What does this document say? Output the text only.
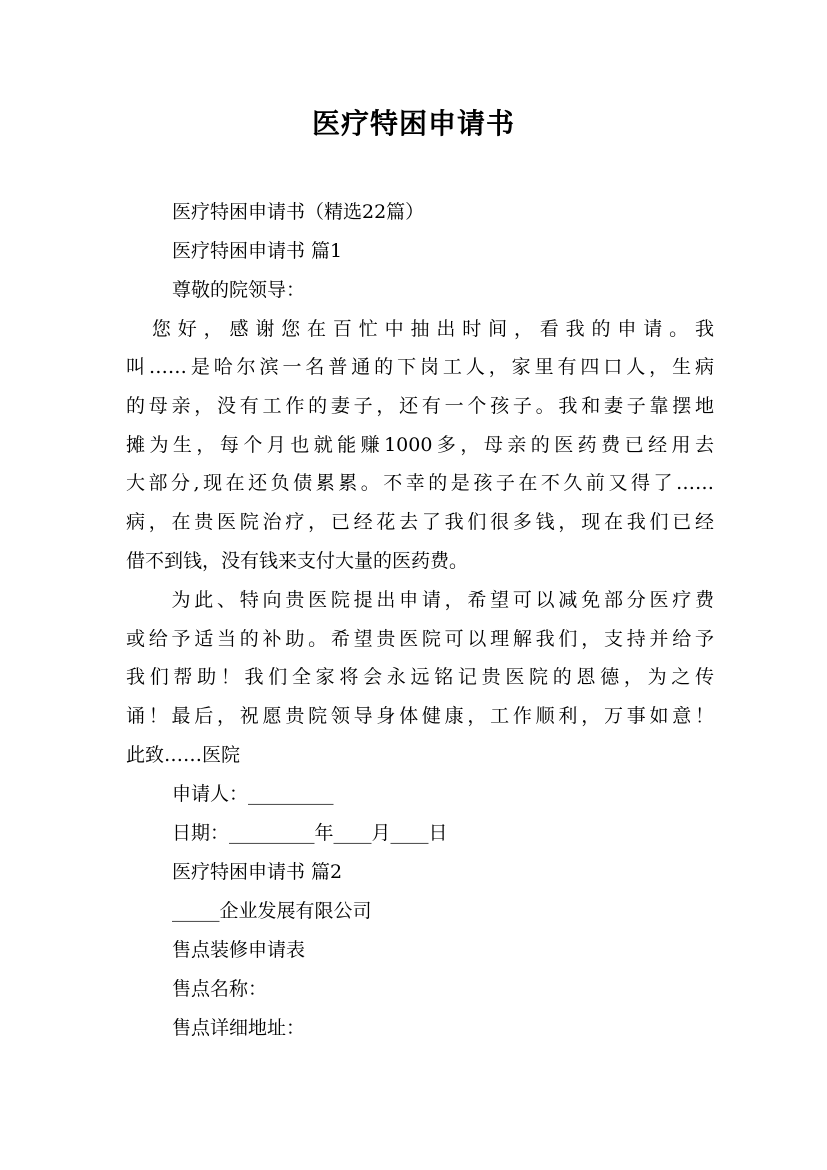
医疗特困申请书
医疗特困申请书（精选22篇）
医疗特困申请书 篇1
尊敬的院领导：
　您好，感谢您在百忙中抽出时间，看我的申请。我
叫……是哈尔滨一名普通的下岗工人，家里有四口人，生病
的母亲，没有工作的妻子，还有一个孩子。我和妻子靠摆地
摊为生，每个月也就能赚1000多，母亲的医药费已经用去
大部分,现在还负债累累。不幸的是孩子在不久前又得了……
病，在贵医院治疗，已经花去了我们很多钱，现在我们已经
借不到钱，没有钱来支付大量的医药费。
　　为此、特向贵医院提出申请，希望可以减免部分医疗费
或给予适当的补助。希望贵医院可以理解我们，支持并给予
我们帮助！我们全家将会永远铭记贵医院的恩德，为之传
诵！最后，祝愿贵院领导身体健康，工作顺利，万事如意！
此致……医院
申请人：_________
日期：_________年____月____日
医疗特困申请书 篇2
_____企业发展有限公司
售点装修申请表
售点名称：
售点详细地址：
